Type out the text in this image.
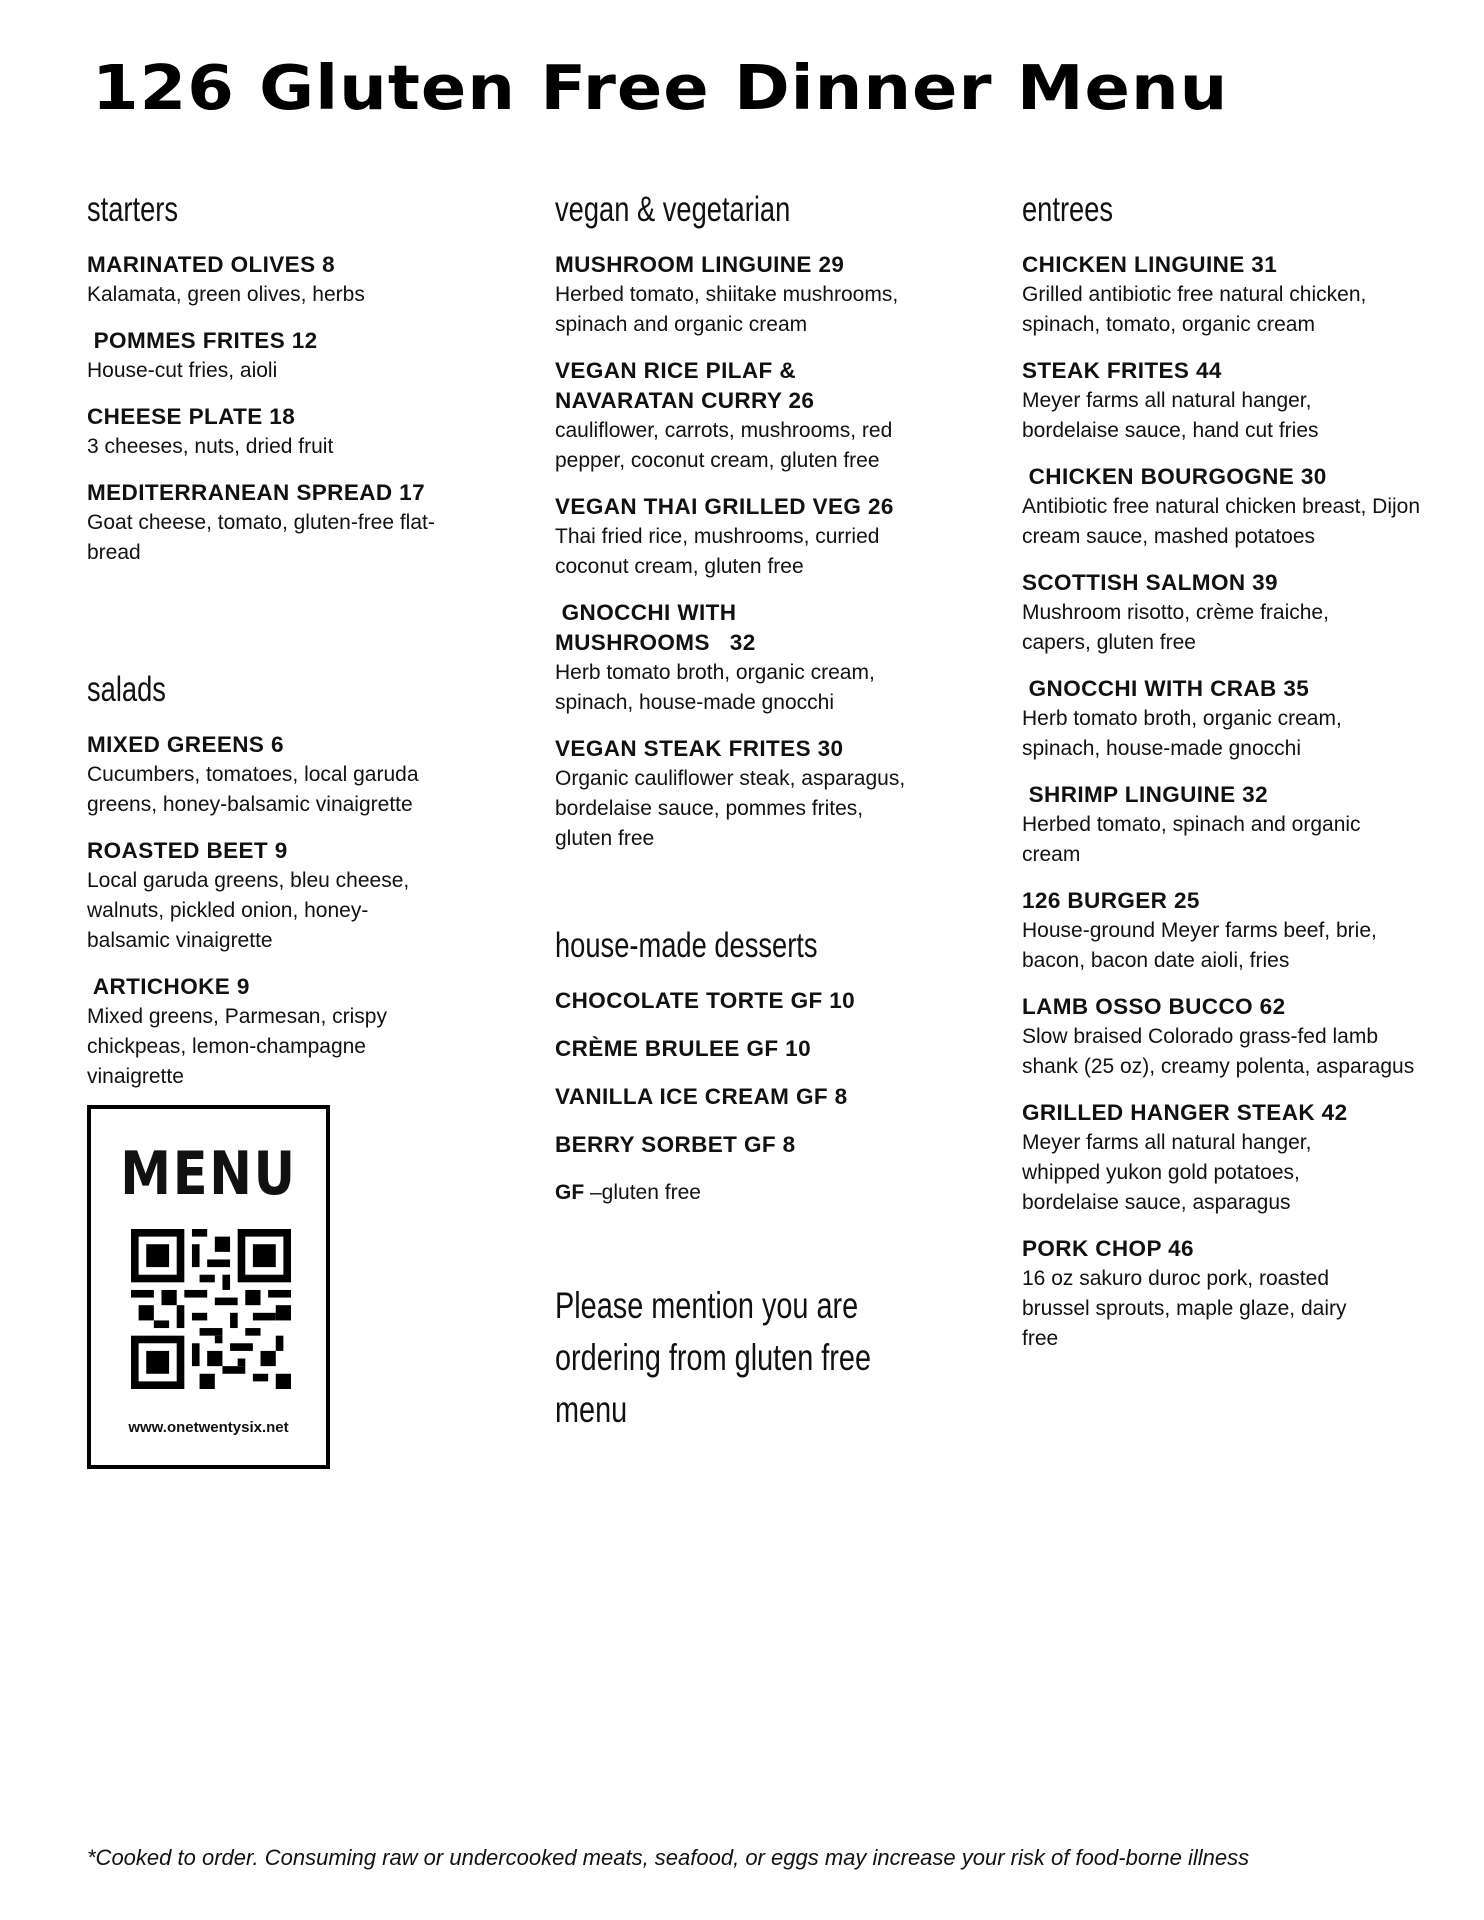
126 Gluten Free Dinner Menu
starters
MARINATED OLIVES 8
Kalamata, green olives, herbs
POMMES FRITES 12
House-cut fries, aioli
CHEESE PLATE 18
3 cheeses, nuts, dried fruit
MEDITERRANEAN SPREAD 17
Goat cheese, tomato, gluten-free flat-bread
salads
MIXED GREENS 6
Cucumbers, tomatoes, local garuda greens, honey-balsamic vinaigrette
ROASTED BEET 9
Local garuda greens, bleu cheese, walnuts, pickled onion, honey-balsamic vinaigrette
ARTICHOKE 9
Mixed greens, Parmesan, crispy chickpeas, lemon-champagne vinaigrette
MENU
www.onetwentysix.net
vegan & vegetarian
MUSHROOM LINGUINE 29
Herbed tomato, shiitake mushrooms, spinach and organic cream
VEGAN RICE PILAF & NAVARATAN CURRY 26
cauliflower, carrots, mushrooms, red pepper, coconut cream, gluten free
VEGAN THAI GRILLED VEG 26
Thai fried rice, mushrooms, curried coconut cream, gluten free
GNOCCHI WITH MUSHROOMS   32
Herb tomato broth, organic cream, spinach, house-made gnocchi
VEGAN STEAK FRITES 30
Organic cauliflower steak, asparagus, bordelaise sauce, pommes frites, gluten free
house-made desserts
CHOCOLATE TORTE GF 10
CRÈME BRULEE GF 10
VANILLA ICE CREAM GF 8
BERRY SORBET GF 8
GF –gluten free
Please mention you are ordering from gluten free menu
entrees
CHICKEN LINGUINE 31
Grilled antibiotic free natural chicken, spinach, tomato, organic cream
STEAK FRITES 44
Meyer farms all natural hanger, bordelaise sauce, hand cut fries
CHICKEN BOURGOGNE 30
Antibiotic free natural chicken breast, Dijon cream sauce, mashed potatoes
SCOTTISH SALMON 39
Mushroom risotto, crème fraiche, capers, gluten free
GNOCCHI WITH CRAB 35
Herb tomato broth, organic cream, spinach, house-made gnocchi
SHRIMP LINGUINE 32
Herbed tomato, spinach and organic cream
126 BURGER 25
House-ground Meyer farms beef, brie, bacon, bacon date aioli, fries
LAMB OSSO BUCCO 62
Slow braised Colorado grass-fed lamb shank (25 oz), creamy polenta, asparagus
GRILLED HANGER STEAK 42
Meyer farms all natural hanger, whipped yukon gold potatoes, bordelaise sauce, asparagus
PORK CHOP 46
16 oz sakuro duroc pork, roasted brussel sprouts, maple glaze, dairy free
*Cooked to order. Consuming raw or undercooked meats, seafood, or eggs may increase your risk of food-borne illness
